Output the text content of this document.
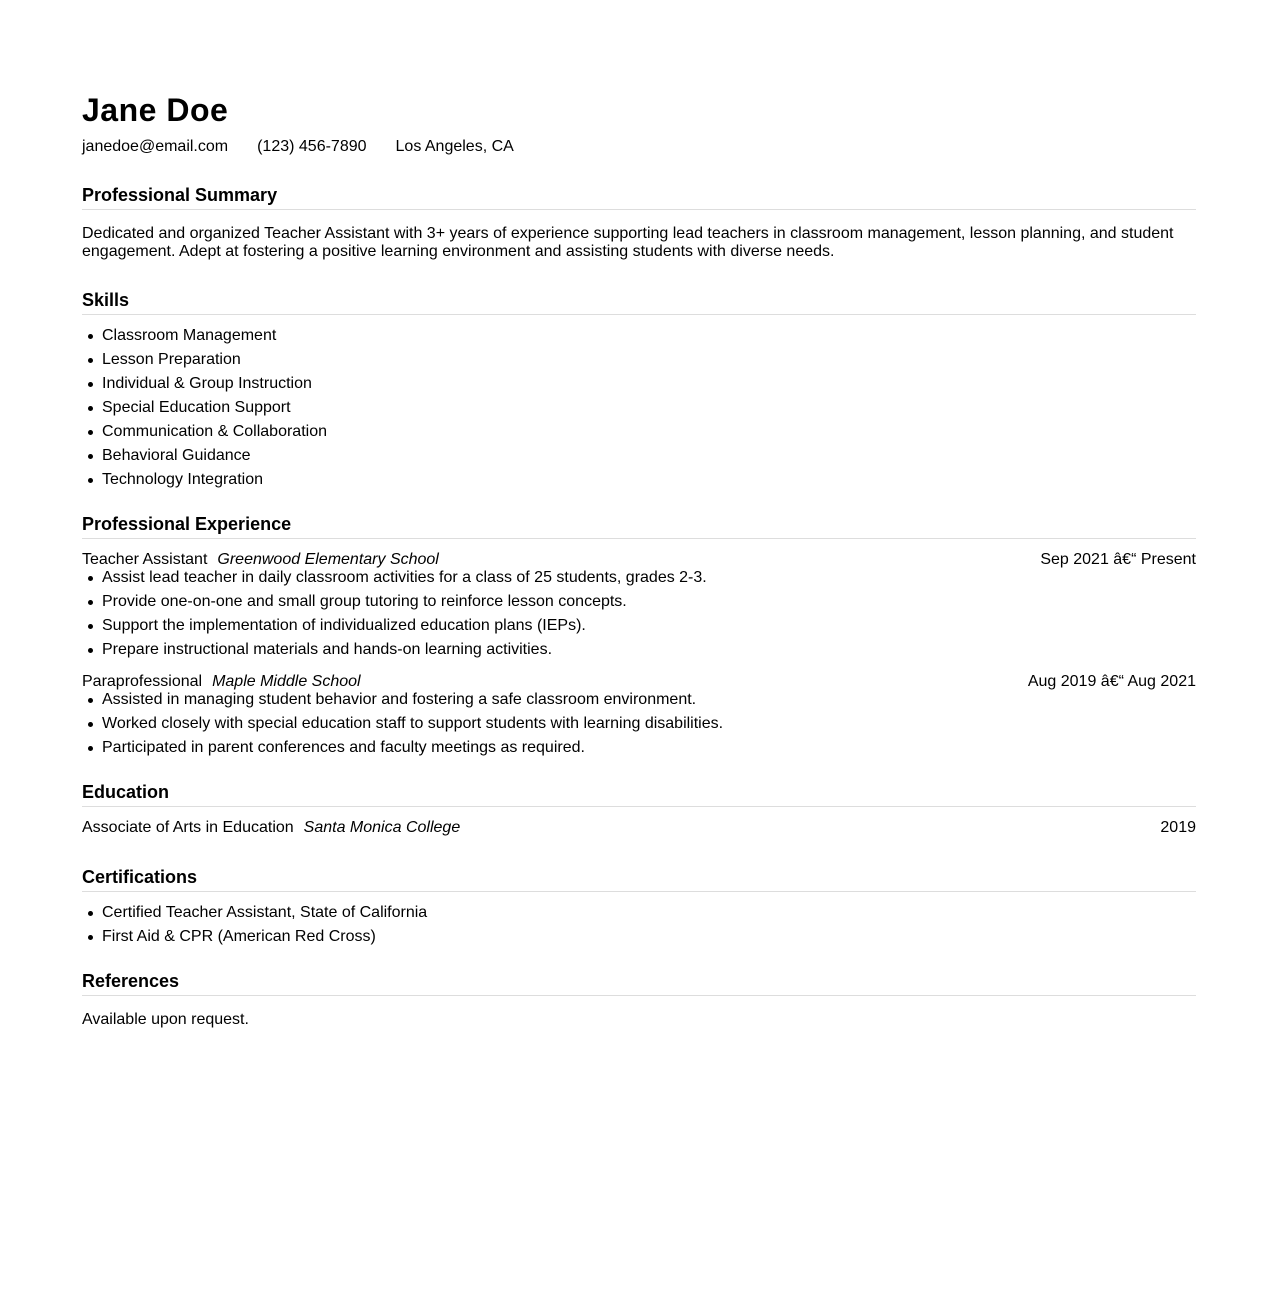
Jane Doe
janedoe@email.com (123) 456-7890 Los Angeles, CA
Professional Summary

Dedicated and organized Teacher Assistant with 3+ years of experience supporting lead teachers in classroom management, lesson planning, and student engagement. Adept at fostering a positive learning environment and assisting students with diverse needs.

Skills
Classroom Management
Lesson Preparation
Individual & Group Instruction
Special Education Support
Communication & Collaboration
Behavioral Guidance
Technology Integration
Professional Experience
Teacher Assistant Greenwood Elementary School	Sep 2021 â€“ Present
Assist lead teacher in daily classroom activities for a class of 25 students, grades 2-3.
Provide one-on-one and small group tutoring to reinforce lesson concepts.
Support the implementation of individualized education plans (IEPs).
Prepare instructional materials and hands-on learning activities.
Paraprofessional Maple Middle School	Aug 2019 â€“ Aug 2021
Assisted in managing student behavior and fostering a safe classroom environment.
Worked closely with special education staff to support students with learning disabilities.
Participated in parent conferences and faculty meetings as required.
Education
Associate of Arts in Education Santa Monica College	2019
Certifications
Certified Teacher Assistant, State of California
First Aid & CPR (American Red Cross)
References

Available upon request.
